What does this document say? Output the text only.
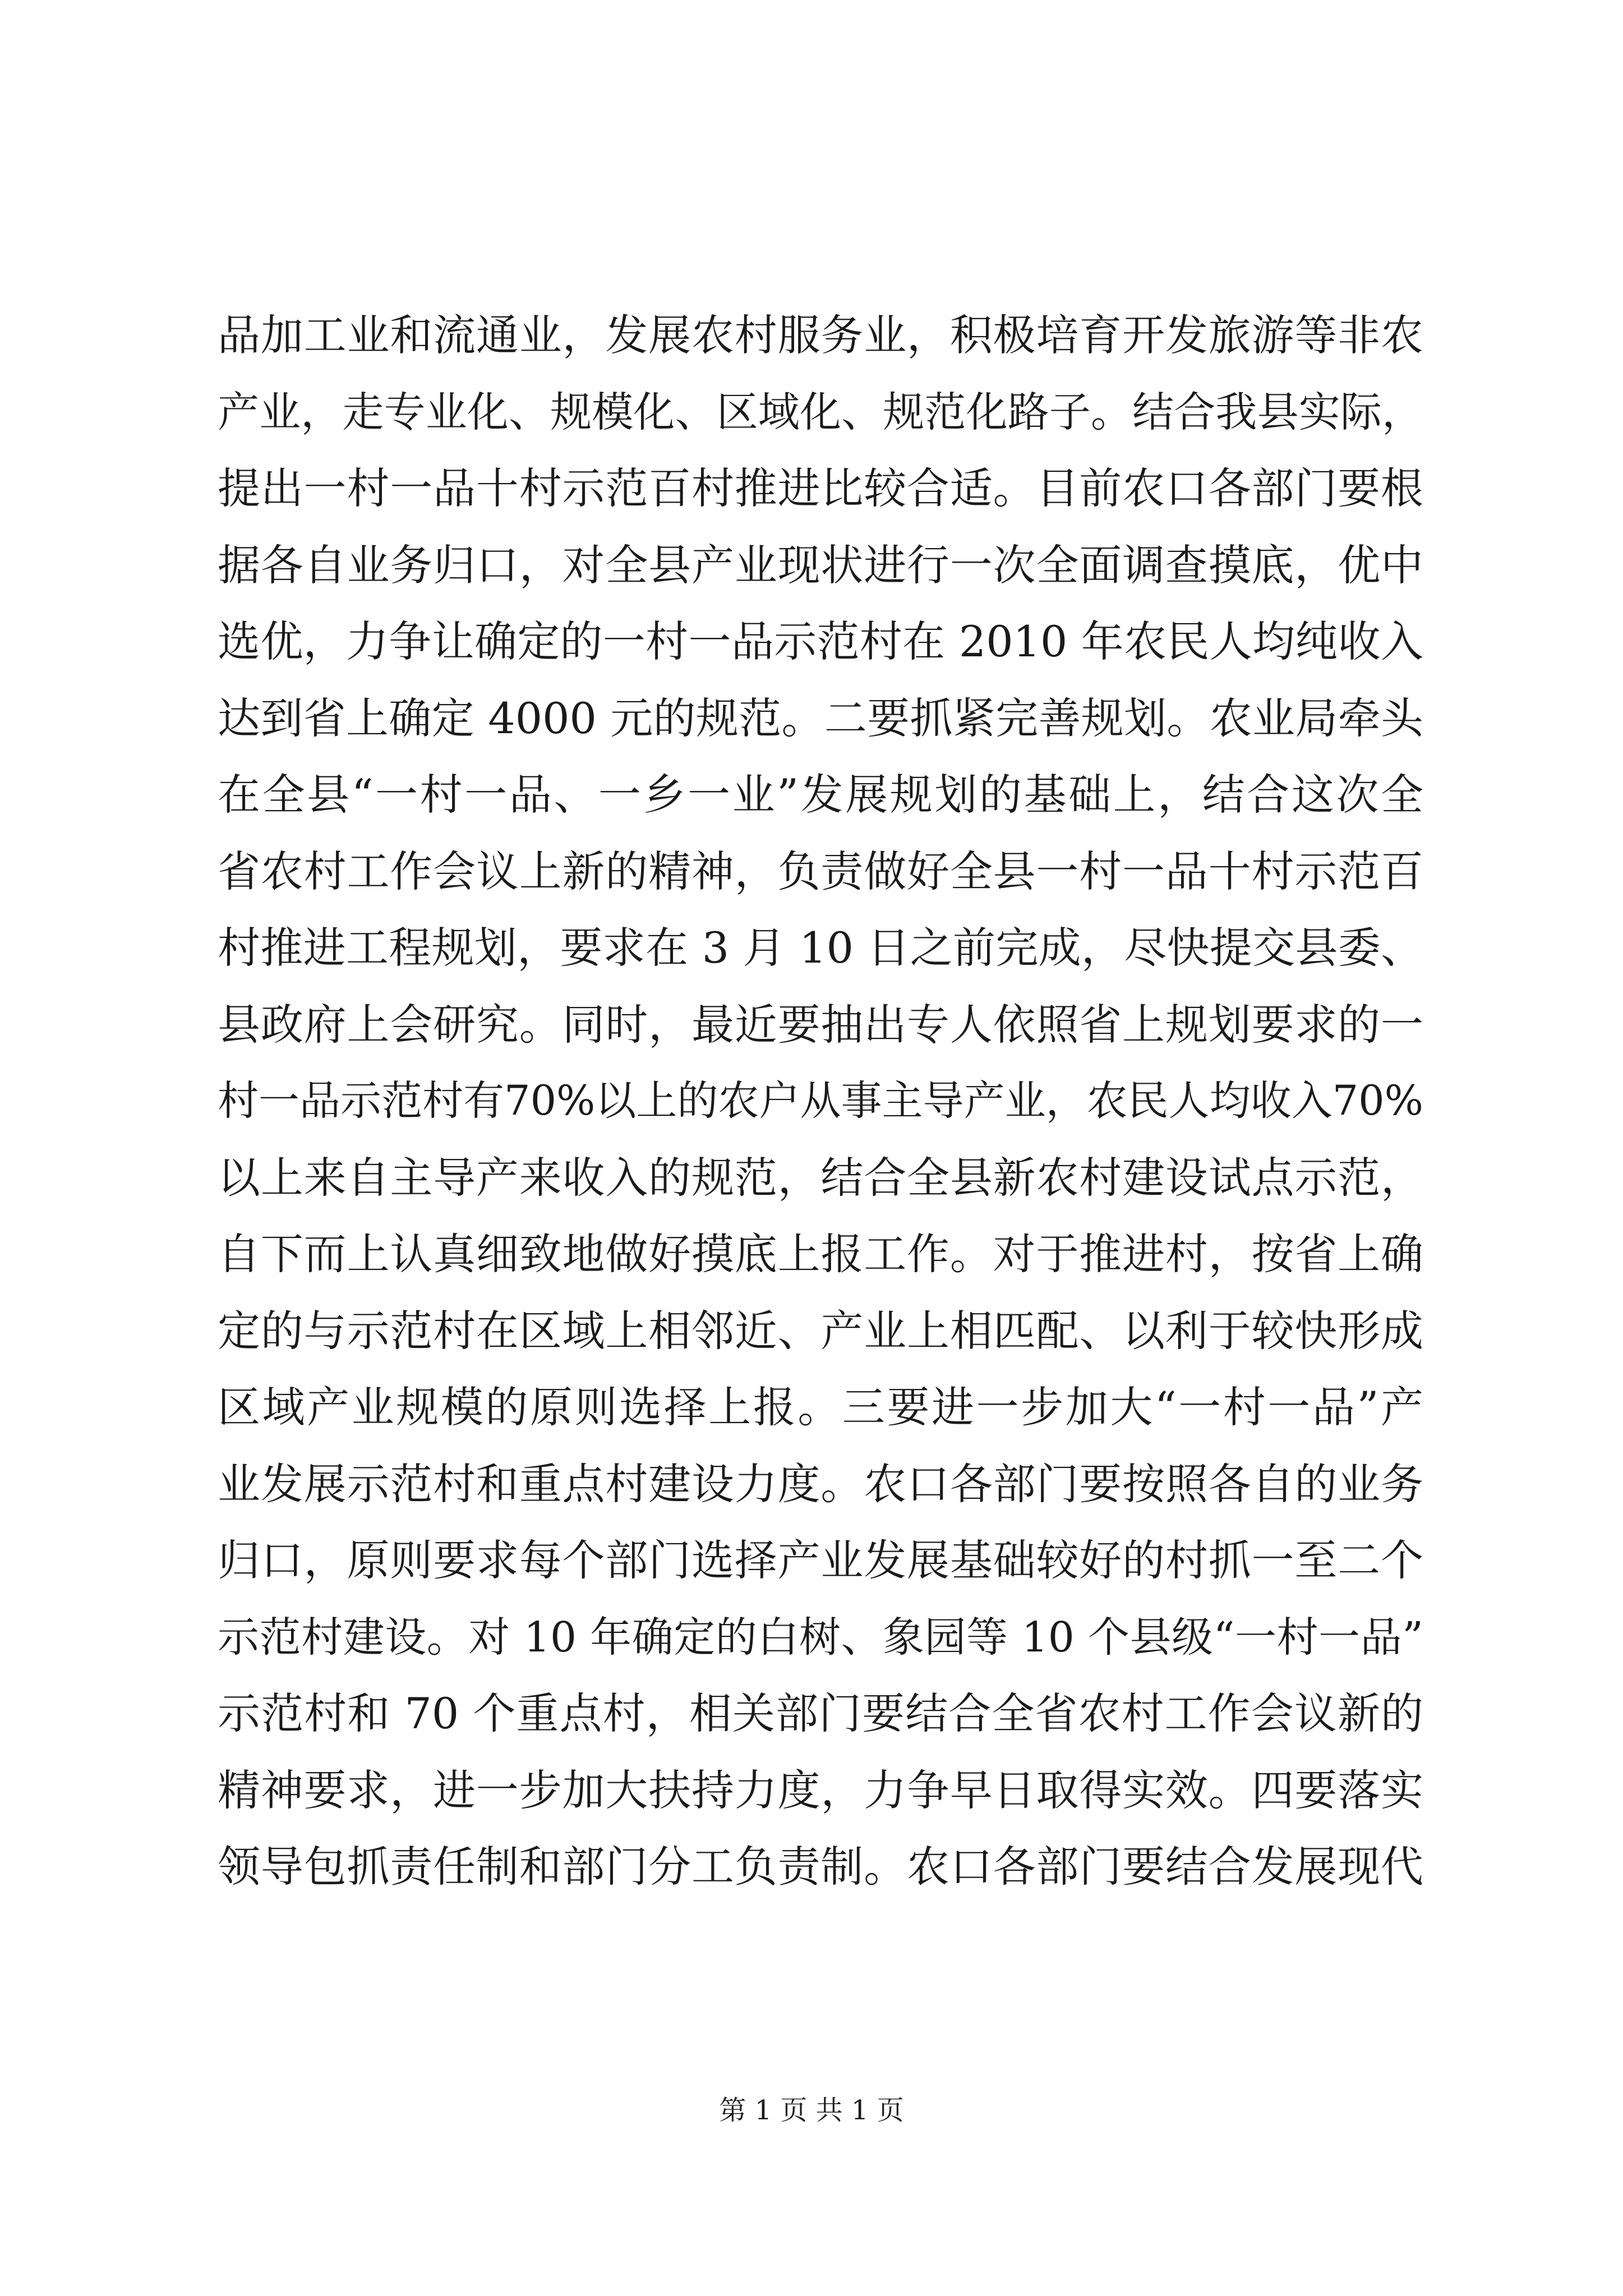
品加工业和流通业，发展农村服务业，积极培育开发旅游等非农
产业，走专业化、规模化、区域化、规范化路子。结合我县实际，
提出一村一品十村示范百村推进比较合适。目前农口各部门要根
据各自业务归口，对全县产业现状进行一次全面调查摸底，优中
选优，力争让确定的一村一品示范村在 2010 年农民人均纯收入
达到省上确定 4000 元的规范。二要抓紧完善规划。农业局牵头
在全县“一村一品、一乡一业”发展规划的基础上，结合这次全
省农村工作会议上新的精神，负责做好全县一村一品十村示范百
村推进工程规划，要求在 3 月 10 日之前完成，尽快提交县委、
县政府上会研究。同时，最近要抽出专人依照省上规划要求的一
村一品示范村有70%以上的农户从事主导产业，农民人均收入70%
以上来自主导产来收入的规范，结合全县新农村建设试点示范，
自下而上认真细致地做好摸底上报工作。对于推进村，按省上确
定的与示范村在区域上相邻近、产业上相匹配、以利于较快形成
区域产业规模的原则选择上报。三要进一步加大“一村一品”产
业发展示范村和重点村建设力度。农口各部门要按照各自的业务
归口，原则要求每个部门选择产业发展基础较好的村抓一至二个
示范村建设。对 10 年确定的白树、象园等 10 个县级“一村一品”
示范村和 70 个重点村，相关部门要结合全省农村工作会议新的
精神要求，进一步加大扶持力度，力争早日取得实效。四要落实
领导包抓责任制和部门分工负责制。农口各部门要结合发展现代
第 1 页 共 1 页
